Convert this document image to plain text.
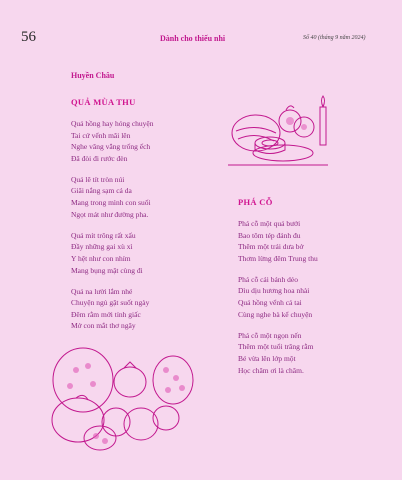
56	Dành cho thiếu nhi	Số 40 (tháng 9 năm 2024)
Huyền Châu
QUẢ MÙA THU
Quả hồng hay hóng chuyện
Tai cứ vểnh mãi lên
Nghe văng vẳng trống ếch
Đã đòi đi rước đèn
Quả lê tít tròn núi
Giãi nắng sạm cả da
Mang trong mình con suối
Ngọt mát như đường pha.
Quả mít trông rất xấu
Đầy những gai xù xì
Y hệt như con nhím
Mang bụng mật cùng đi
Quả na lười lắm nhé
Chuyện ngủ gật suốt ngày
Đêm rằm mới tỉnh giấc
Mở con mắt thơ ngây
PHÁ CỖ
Phá cỗ một quả bưởi
Bao tôm tép đánh đu
Thêm một trái dưa bở
Thơm lừng đêm Trung thu
Phá cỗ cái bánh dẻo
Dìu dịu hương hoa nhài
Quả hồng vểnh cả tai
Cùng nghe bà kể chuyện
Phá cỗ một ngọn nến
Thêm một tuổi trăng rằm
Bé vừa lên lớp một
Học chăm ơi là chăm.
